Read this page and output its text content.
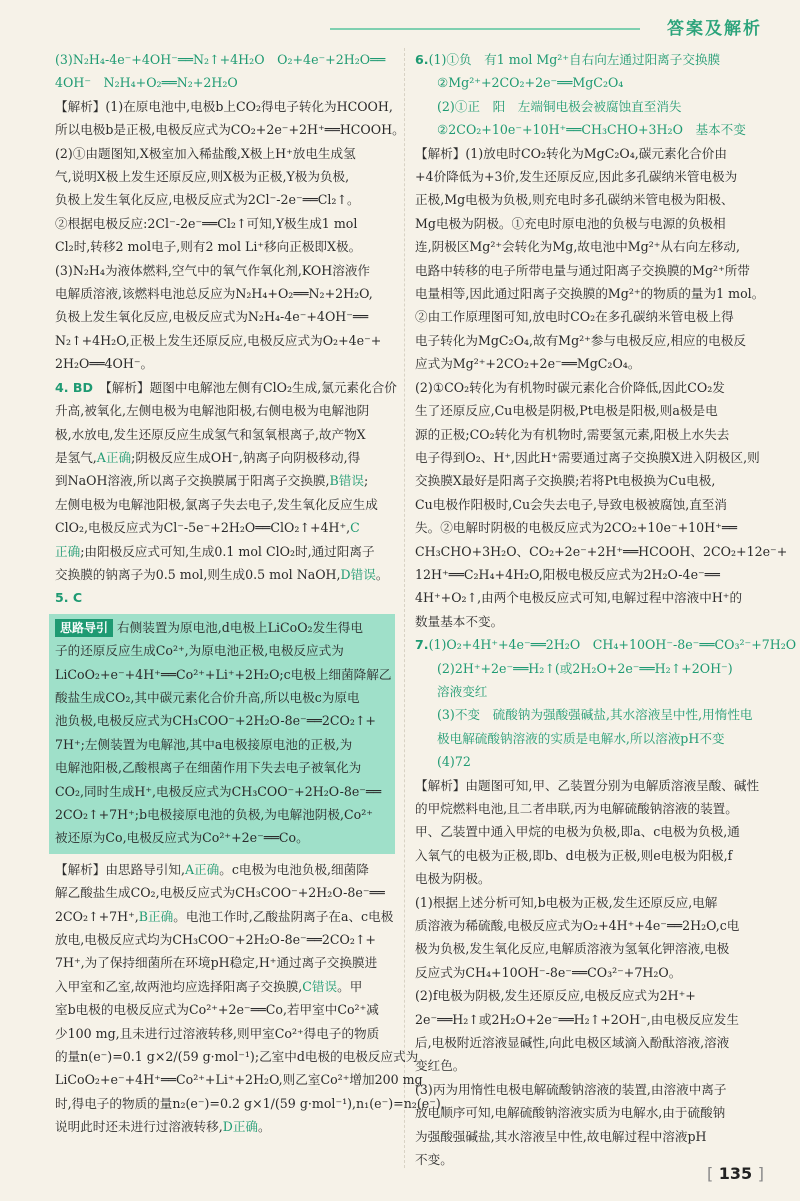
答案及解析
(3)N₂H₄-4e⁻+4OH⁻══N₂↑+4H₂O　O₂+4e⁻+2H₂O══
4OH⁻　N₂H₄+O₂══N₂+2H₂O
【解析】(1)在原电池中,电极b上CO₂得电子转化为HCOOH,
所以电极b是正极,电极反应式为CO₂+2e⁻+2H⁺══HCOOH。
(2)①由题图知,X极室加入稀盐酸,X极上H⁺放电生成氢
气,说明X极上发生还原反应,则X极为正极,Y极为负极,
负极上发生氧化反应,电极反应式为2Cl⁻-2e⁻══Cl₂↑。
②根据电极反应:2Cl⁻-2e⁻══Cl₂↑可知,Y极生成1 mol
Cl₂时,转移2 mol电子,则有2 mol Li⁺移向正极即X极。
(3)N₂H₄为液体燃料,空气中的氧气作氧化剂,KOH溶液作
电解质溶液,该燃料电池总反应为N₂H₄+O₂══N₂+2H₂O,
负极上发生氧化反应,电极反应式为N₂H₄-4e⁻+4OH⁻══
N₂↑+4H₂O,正极上发生还原反应,电极反应式为O₂+4e⁻+
2H₂O══4OH⁻。
4. BD　 【解析】题图中电解池左侧有ClO₂生成,氯元素化合价
升高,被氧化,左侧电极为电解池阳极,右侧电极为电解池阴
极,水放电,发生还原反应生成氢气和氢氧根离子,故产物X
是氢气,A正确;阴极反应生成OH⁻,钠离子向阴极移动,得
到NaOH溶液,所以离子交换膜属于阳离子交换膜,B错误;
左侧电极为电解池阳极,氯离子失去电子,发生氧化反应生成
ClO₂,电极反应式为Cl⁻-5e⁻+2H₂O══ClO₂↑+4H⁺,C
正确;由阳极反应式可知,生成0.1 mol ClO₂时,通过阳离子
交换膜的钠离子为0.5 mol,则生成0.5 mol NaOH,D错误。
5. C
思路导引 右侧装置为原电池,d电极上LiCoO₂发生得电
子的还原反应生成Co²⁺,为原电池正极,电极反应式为
LiCoO₂+e⁻+4H⁺══Co²⁺+Li⁺+2H₂O;c电极上细菌降解乙
酸盐生成CO₂,其中碳元素化合价升高,所以电极c为原电
池负极,电极反应式为CH₃COO⁻+2H₂O-8e⁻══2CO₂↑+
7H⁺;左侧装置为电解池,其中a电极接原电池的正极,为
电解池阳极,乙酸根离子在细菌作用下失去电子被氧化为
CO₂,同时生成H⁺,电极反应式为CH₃COO⁻+2H₂O-8e⁻══
2CO₂↑+7H⁺;b电极接原电池的负极,为电解池阴极,Co²⁺
被还原为Co,电极反应式为Co²⁺+2e⁻══Co。
【解析】由思路导引知,A正确。c电极为电池负极,细菌降
解乙酸盐生成CO₂,电极反应式为CH₃COO⁻+2H₂O-8e⁻══
2CO₂↑+7H⁺,B正确。电池工作时,乙酸盐阴离子在a、c电极
放电,电极反应式均为CH₃COO⁻+2H₂O-8e⁻══2CO₂↑+
7H⁺,为了保持细菌所在环境pH稳定,H⁺通过离子交换膜进
入甲室和乙室,故两池均应选择阳离子交换膜,C错误。甲
室b电极的电极反应式为Co²⁺+2e⁻══Co,若甲室中Co²⁺减
少100 mg,且未进行过溶液转移,则甲室Co²⁺得电子的物质
的量n(e⁻)=0.1 g×2/(59 g·mol⁻¹);乙室中d电极的电极反应式为
LiCoO₂+e⁻+4H⁺══Co²⁺+Li⁺+2H₂O,则乙室Co²⁺增加200 mg
时,得电子的物质的量n₂(e⁻)=0.2 g×1/(59 g·mol⁻¹),n₁(e⁻)=n₂(e⁻),
说明此时还未进行过溶液转移,D正确。
6.(1)①负　有1 mol Mg²⁺自右向左通过阳离子交换膜
②Mg²⁺+2CO₂+2e⁻══MgC₂O₄
(2)①正　阳　左端铜电极会被腐蚀直至消失
②2CO₂+10e⁻+10H⁺══CH₃CHO+3H₂O　基本不变
【解析】(1)放电时CO₂转化为MgC₂O₄,碳元素化合价由
+4价降低为+3价,发生还原反应,因此多孔碳纳米管电极为
正极,Mg电极为负极,则充电时多孔碳纳米管电极为阳极、
Mg电极为阴极。①充电时原电池的负极与电源的负极相
连,阴极区Mg²⁺会转化为Mg,故电池中Mg²⁺从右向左移动,
电路中转移的电子所带电量与通过阳离子交换膜的Mg²⁺所带
电量相等,因此通过阳离子交换膜的Mg²⁺的物质的量为1 mol。
②由工作原理图可知,放电时CO₂在多孔碳纳米管电极上得
电子转化为MgC₂O₄,故有Mg²⁺参与电极反应,相应的电极反
应式为Mg²⁺+2CO₂+2e⁻══MgC₂O₄。
(2)①CO₂转化为有机物时碳元素化合价降低,因此CO₂发
生了还原反应,Cu电极是阴极,Pt电极是阳极,则a极是电
源的正极;CO₂转化为有机物时,需要氢元素,阳极上水失去
电子得到O₂、H⁺,因此H⁺需要通过离子交换膜X进入阴极区,则
交换膜X最好是阳离子交换膜;若将Pt电极换为Cu电极,
Cu电极作阳极时,Cu会失去电子,导致电极被腐蚀,直至消
失。②电解时阴极的电极反应式为2CO₂+10e⁻+10H⁺══
CH₃CHO+3H₂O、CO₂+2e⁻+2H⁺══HCOOH、2CO₂+12e⁻+
12H⁺══C₂H₄+4H₂O,阳极电极反应式为2H₂O-4e⁻══
4H⁺+O₂↑,由两个电极反应式可知,电解过程中溶液中H⁺的
数量基本不变。
7.(1)O₂+4H⁺+4e⁻══2H₂O　CH₄+10OH⁻-8e⁻══CO₃²⁻+7H₂O
(2)2H⁺+2e⁻══H₂↑(或2H₂O+2e⁻══H₂↑+2OH⁻)
溶液变红
(3)不变　硫酸钠为强酸强碱盐,其水溶液呈中性,用惰性电
极电解硫酸钠溶液的实质是电解水,所以溶液pH不变
(4)72
【解析】由题图可知,甲、乙装置分别为电解质溶液呈酸、碱性
的甲烷燃料电池,且二者串联,丙为电解硫酸钠溶液的装置。
甲、乙装置中通入甲烷的电极为负极,即a、c电极为负极,通
入氧气的电极为正极,即b、d电极为正极,则e电极为阳极,f
电极为阴极。
(1)根据上述分析可知,b电极为正极,发生还原反应,电解
质溶液为稀硫酸,电极反应式为O₂+4H⁺+4e⁻══2H₂O,c电
极为负极,发生氧化反应,电解质溶液为氢氧化钾溶液,电极
反应式为CH₄+10OH⁻-8e⁻══CO₃²⁻+7H₂O。
(2)f电极为阴极,发生还原反应,电极反应式为2H⁺+
2e⁻══H₂↑或2H₂O+2e⁻══H₂↑+2OH⁻,由电极反应发生
后,电极附近溶液显碱性,向此电极区域滴入酚酞溶液,溶液
变红色。
(3)丙为用惰性电极电解硫酸钠溶液的装置,由溶液中离子
放电顺序可知,电解硫酸钠溶液实质为电解水,由于硫酸钠
为强酸强碱盐,其水溶液呈中性,故电解过程中溶液pH
不变。
[ 135 ]
